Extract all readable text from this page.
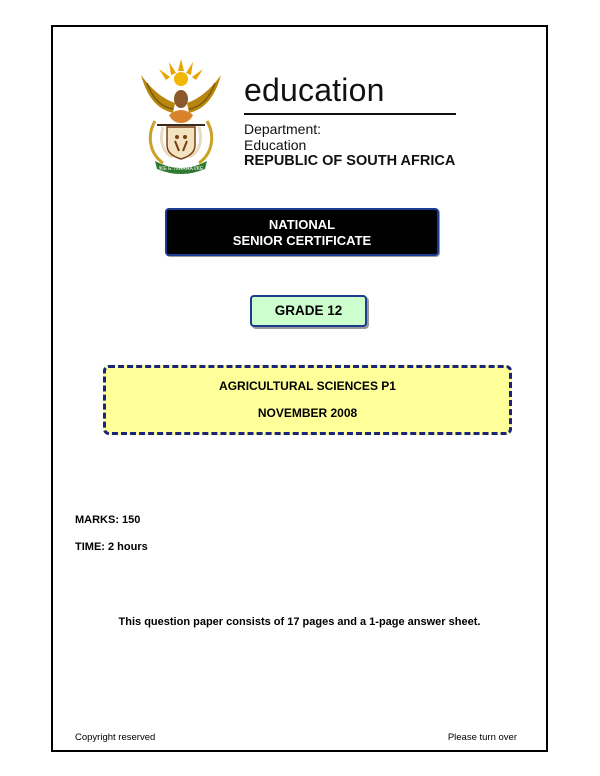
!KE E: /XARRA //KE
education
Department:
Education
REPUBLIC OF SOUTH AFRICA
NATIONAL
SENIOR CERTIFICATE
GRADE 12
AGRICULTURAL SCIENCES P1
NOVEMBER 2008
MARKS: 150
TIME: 2 hours
This question paper consists of 17 pages and a 1-page answer sheet.
Copyright reserved	Please turn over
